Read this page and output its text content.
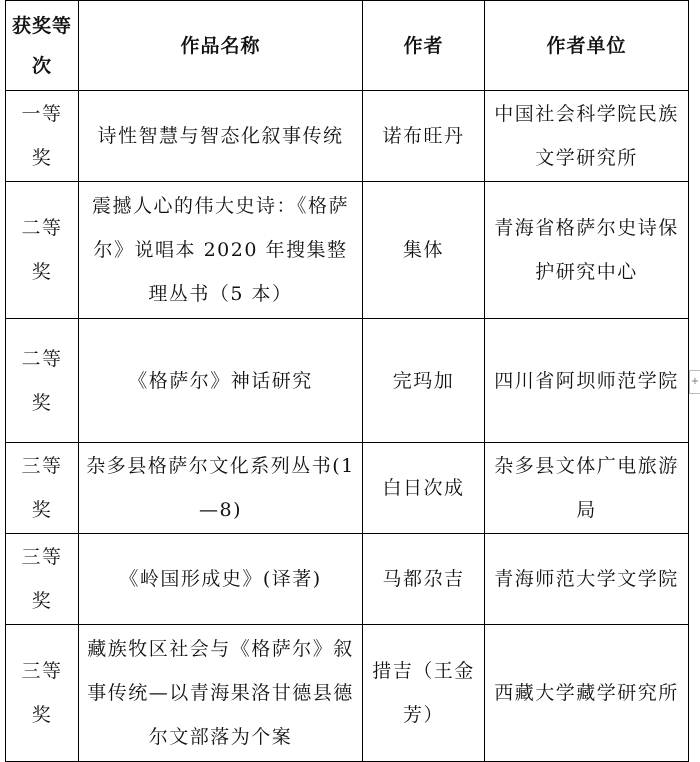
获奖等次	作品名称	作者	作者单位
一等奖	诗性智慧与智态化叙事传统	诺布旺丹	中国社会科学院民族文学研究所
二等奖	震撼人心的伟大史诗：《格萨尔》说唱本 2020 年搜集整理丛书（5 本）	集体	青海省格萨尔史诗保护研究中心
二等奖	《格萨尔》神话研究	完玛加	四川省阿坝师范学院
三等奖	杂多县格萨尔文化系列丛书(1—8)	白日次成	杂多县文体广电旅游局
三等奖	《岭国形成史》(译著)	马都尕吉	青海师范大学文学院
三等奖	藏族牧区社会与《格萨尔》叙事传统—以青海果洛甘德县德尔文部落为个案	措吉（王金芳）	西藏大学藏学研究所
+
